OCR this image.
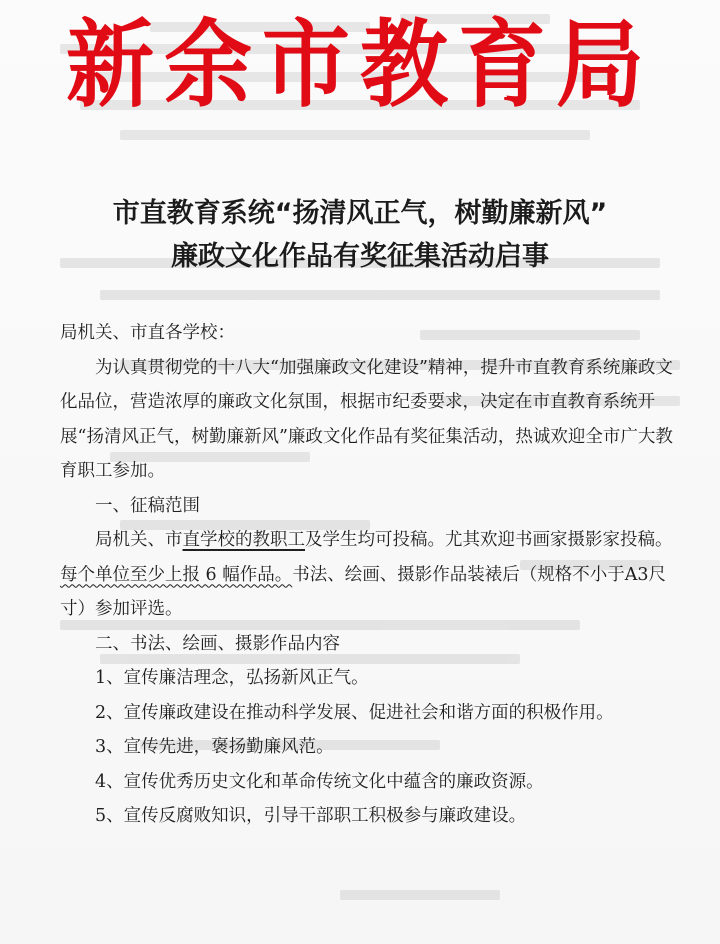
新余市教育局
市直教育系统“扬清风正气，树勤廉新风”
廉政文化作品有奖征集活动启事

局机关、市直各学校：

为认真贯彻党的十八大“加强廉政文化建设”精神，提升市直教育系统廉政文化品位，营造浓厚的廉政文化氛围，根据市纪委要求，决定在市直教育系统开展“扬清风正气，树勤廉新风”廉政文化作品有奖征集活动，热诚欢迎全市广大教育职工参加。

一、征稿范围

局机关、市直学校的教职工及学生均可投稿。尤其欢迎书画家摄影家投稿。每个单位至少上报 6 幅作品。书法、绘画、摄影作品装裱后（规格不小于A3尺寸）参加评选。

二、书法、绘画、摄影作品内容

1、宣传廉洁理念，弘扬新风正气。

2、宣传廉政建设在推动科学发展、促进社会和谐方面的积极作用。

3、宣传先进，褒扬勤廉风范。

4、宣传优秀历史文化和革命传统文化中蕴含的廉政资源。

5、宣传反腐败知识，引导干部职工积极参与廉政建设。
